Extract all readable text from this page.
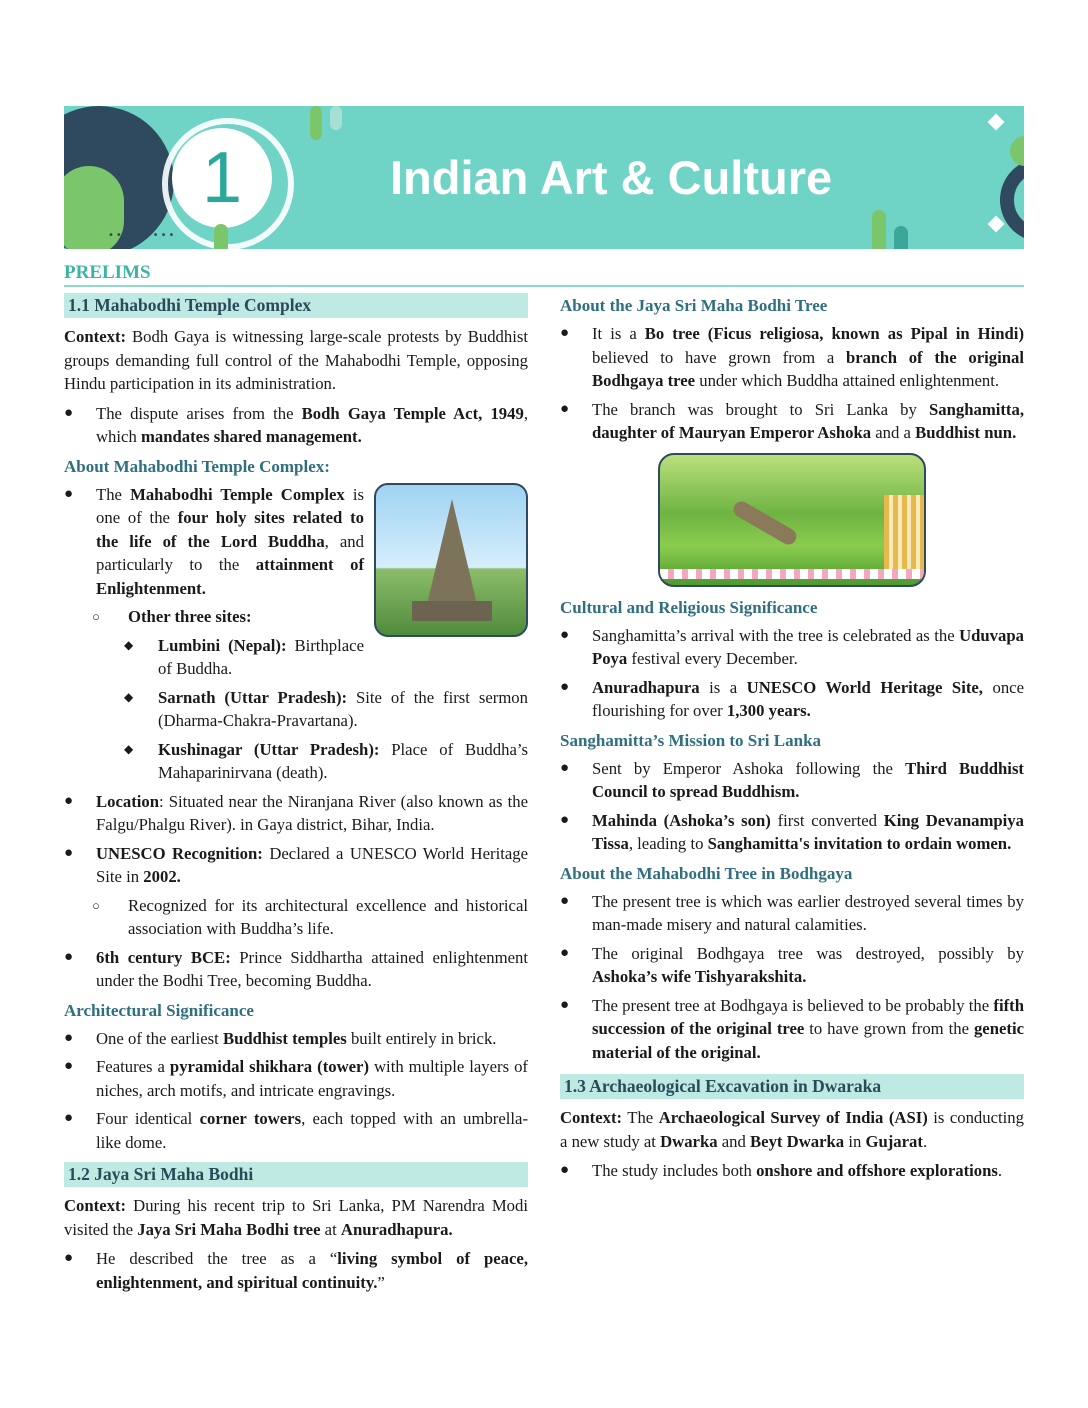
1
•••• ••••
Indian Art & Culture
PRELIMS
1.1 Mahabodhi Temple Complex

Context: Bodh Gaya is witnessing large-scale protests by Buddhist groups demanding full control of the Mahabodhi Temple, opposing Hindu participation in its administration.

●	The dispute arises from the Bodh Gaya Temple Act, 1949, which mandates shared management.
About Mahabodhi Temple Complex:
●	The Mahabodhi Temple Complex is one of the four holy sites related to the life of the Lord Buddha, and particularly to the attainment of Enlightenment.
○	Other three sites:
◆	Lumbini (Nepal): Birthplace of Buddha.
◆	Sarnath (Uttar Pradesh): Site of the first sermon (Dharma-Chakra-Pravartana).
◆	Kushinagar (Uttar Pradesh): Place of Buddha’s Mahaparinirvana (death).
●	Location: Situated near the Niranjana River (also known as the Falgu/Phalgu River). in Gaya district, Bihar, India.
●	UNESCO Recognition: Declared a UNESCO World Heritage Site in 2002.
○	Recognized for its architectural excellence and historical association with Buddha’s life.
●	6th century BCE: Prince Siddhartha attained enlightenment under the Bodhi Tree, becoming Buddha.
Architectural Significance
●	One of the earliest Buddhist temples built entirely in brick.
●	Features a pyramidal shikhara (tower) with multiple layers of niches, arch motifs, and intricate engravings.
●	Four identical corner towers, each topped with an umbrella-like dome.
1.2 Jaya Sri Maha Bodhi

Context: During his recent trip to Sri Lanka, PM Narendra Modi visited the Jaya Sri Maha Bodhi tree at Anuradhapura.

●	He described the tree as a “living symbol of peace, enlightenment, and spiritual continuity.”
About the Jaya Sri Maha Bodhi Tree
●	It is a Bo tree (Ficus religiosa, known as Pipal in Hindi) believed to have grown from a branch of the original Bodhgaya tree under which Buddha attained enlightenment.
●	The branch was brought to Sri Lanka by Sanghamitta, daughter of Mauryan Emperor Ashoka and a Buddhist nun.
Cultural and Religious Significance
●	Sanghamitta’s arrival with the tree is celebrated as the Uduvapa Poya festival every December.
●	Anuradhapura is a UNESCO World Heritage Site, once flourishing for over 1,300 years.
Sanghamitta’s Mission to Sri Lanka
●	Sent by Emperor Ashoka following the Third Buddhist Council to spread Buddhism.
●	Mahinda (Ashoka’s son) first converted King Devanampiya Tissa, leading to Sanghamitta's invitation to ordain women.
About the Mahabodhi Tree in Bodhgaya
●	The present tree is which was earlier destroyed several times by man-made misery and natural calamities.
●	The original Bodhgaya tree was destroyed, possibly by Ashoka’s wife Tishyarakshita.
●	The present tree at Bodhgaya is believed to be probably the fifth succession of the original tree to have grown from the genetic material of the original.
1.3 Archaeological Excavation in Dwaraka

Context: The Archaeological Survey of India (ASI) is conducting a new study at Dwarka and Beyt Dwarka in Gujarat.

●	The study includes both onshore and offshore explorations.
